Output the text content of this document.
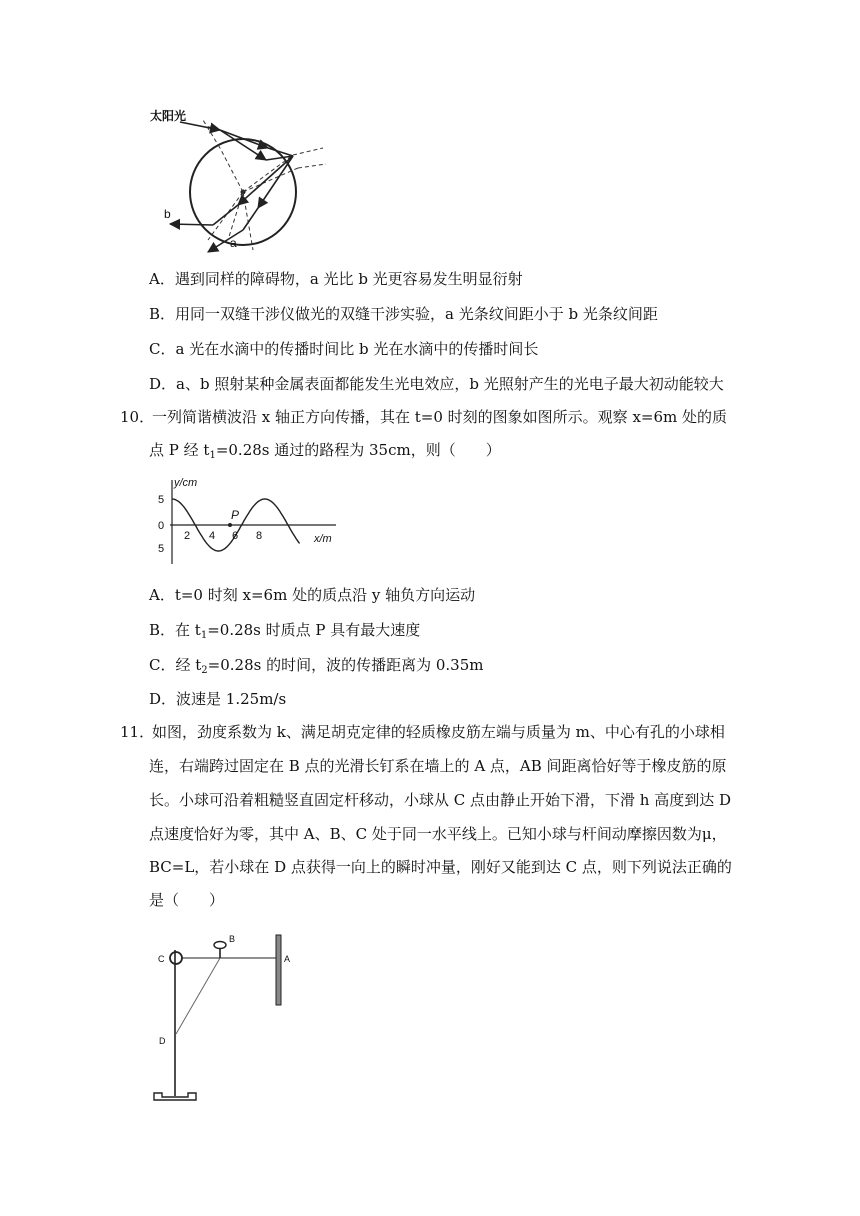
太阳光
b
a
A．遇到同样的障碍物，a 光比 b 光更容易发生明显衍射
B．用同一双缝干涉仪做光的双缝干涉实验，a 光条纹间距小于 b 光条纹间距
C．a 光在水滴中的传播时间比 b 光在水滴中的传播时间长
D．a、b 照射某种金属表面都能发生光电效应，b 光照射产生的光电子最大初动能较大
10．
一列简谐横波沿 x 轴正方向传播，其在 t=0 时刻的图象如图所示。观察 x=6m 处的质
点 P 经 $t_1=0.28s$ 通过的路程为 35cm，则（　　）
y/cm
x/m
5
0
5
2 4 6 8
P
A．t=0 时刻 x=6m 处的质点沿 y 轴负方向运动
B．在 $t_1=0.28s$ 时质点 P 具有最大速度
C．经 $t_2=0.28s$ 的时间，波的传播距离为 0.35m
D．波速是 1.25m/s
11．
如图，劲度系数为 k、满足胡克定律的轻质橡皮筋左端与质量为 m、中心有孔的小球相
连，右端跨过固定在 B 点的光滑长钉系在墙上的 A 点，AB 间距离恰好等于橡皮筋的原
长。小球可沿着粗糙竖直固定杆移动，小球从 C 点由静止开始下滑，下滑 h 高度到达 D
点速度恰好为零，其中 A、B、C 处于同一水平线上。已知小球与杆间动摩擦因数为μ，
BC=L，若小球在 D 点获得一向上的瞬时冲量，刚好又能到达 C 点，则下列说法正确的
是（　　）
C
B
A
D
